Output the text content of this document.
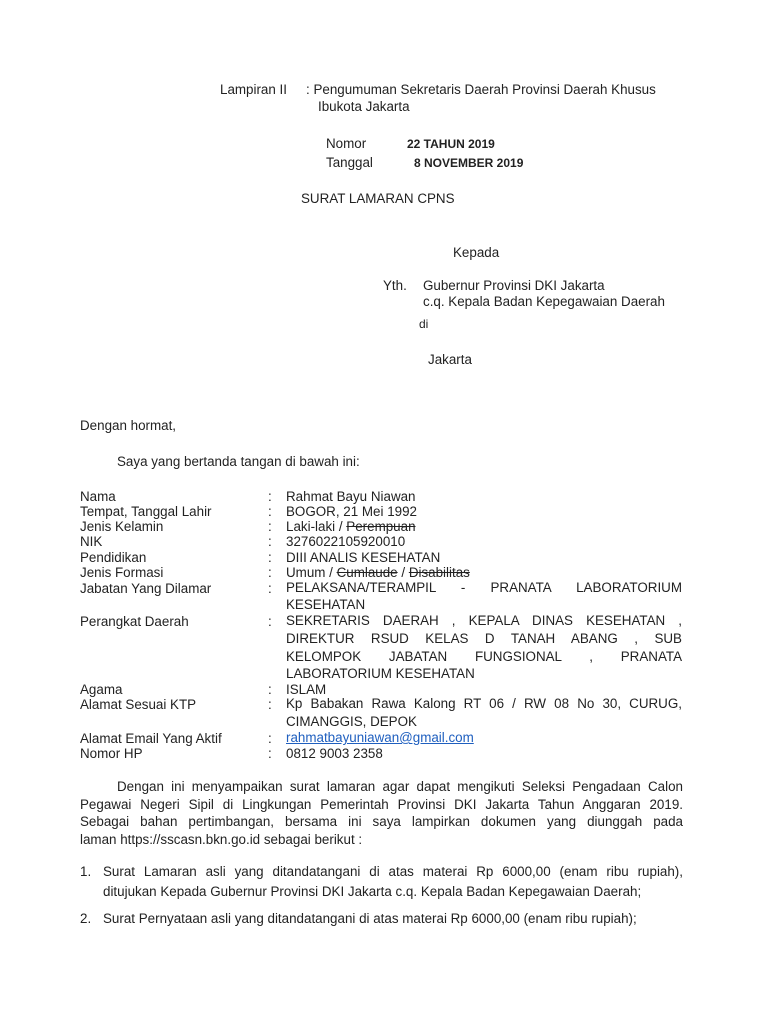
Lampiran II : Pengumuman Sekretaris Daerah Provinsi Daerah Khusus
Ibukota Jakarta
Nomor	22 TAHUN 2019
Tanggal	8 NOVEMBER 2019
SURAT LAMARAN CPNS
Kepada
Yth. Gubernur Provinsi DKI Jakarta
c.q. Kepala Badan Kepegawaian Daerah
di
Jakarta
Dengan hormat,
Saya yang bertanda tangan di bawah ini:
Nama	: Rahmat Bayu Niawan
Tempat, Tanggal Lahir	: BOGOR, 21 Mei 1992
Jenis Kelamin	: Laki-laki / Perempuan
NIK	: 3276022105920010
Pendidikan	: DIII ANALIS KESEHATAN
Jenis Formasi	: Umum / Cumlaude / Disabilitas
Jabatan Yang Dilamar	: PELAKSANA/TERAMPIL - PRANATA LABORATORIUM
KESEHATAN
Perangkat Daerah	: SEKRETARIS DAERAH , KEPALA DINAS KESEHATAN ,
DIREKTUR RSUD KELAS D TANAH ABANG , SUB
KELOMPOK JABATAN FUNGSIONAL , PRANATA
LABORATORIUM KESEHATAN
Agama	: ISLAM
Alamat Sesuai KTP	: Kp Babakan Rawa Kalong RT 06 / RW 08 No 30, CURUG,
CIMANGGIS, DEPOK
Alamat Email Yang Aktif	: rahmatbayuniawan@gmail.com
Nomor HP	: 0812 9003 2358
Dengan ini menyampaikan surat lamaran agar dapat mengikuti Seleksi Pengadaan Calon
Pegawai Negeri Sipil di Lingkungan Pemerintah Provinsi DKI Jakarta Tahun Anggaran 2019.
Sebagai bahan pertimbangan, bersama ini saya lampirkan dokumen yang diunggah pada
laman https://sscasn.bkn.go.id sebagai berikut :
1. Surat Lamaran asli yang ditandatangani di atas materai Rp 6000,00 (enam ribu rupiah),
ditujukan Kepada Gubernur Provinsi DKI Jakarta c.q. Kepala Badan Kepegawaian Daerah;
2. Surat Pernyataan asli yang ditandatangani di atas materai Rp 6000,00 (enam ribu rupiah);
